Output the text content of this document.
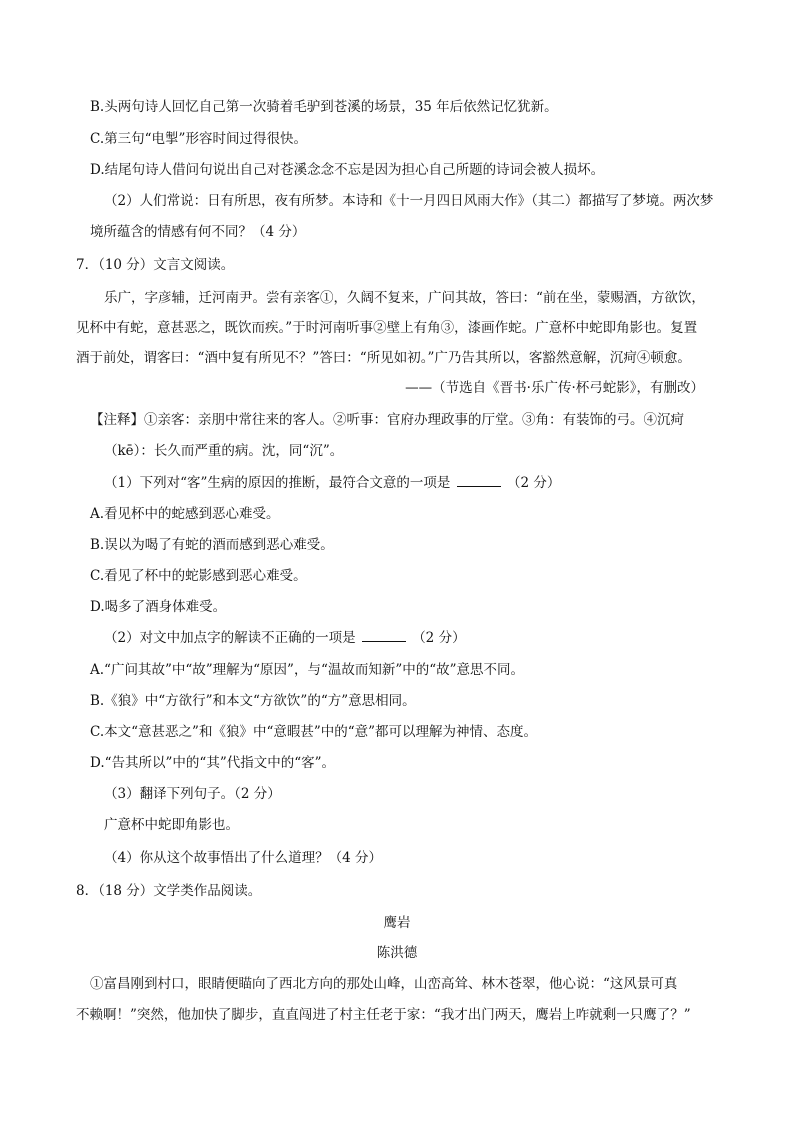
B.头两句诗人回忆自己第一次骑着毛驴到苍溪的场景，35 年后依然记忆犹新。
C.第三句“电掣”形容时间过得很快。
D.结尾句诗人借问句说出自己对苍溪念念不忘是因为担心自己所题的诗词会被人损坏。
（2）人们常说：日有所思，夜有所梦。本诗和《十一月四日风雨大作》（其二）都描写了梦境。两次梦
境所蕴含的情感有何不同？（4 分）
7．（10 分）文言文阅读。
乐广，字彦辅，迁河南尹。尝有亲客①，久阔不复来，广问其故，答曰：“前在坐，蒙赐酒，方欲饮，
见杯中有蛇，意甚恶之，既饮而疾。”于时河南听事②壁上有角③，漆画作蛇。广意杯中蛇即角影也。复置
酒于前处，谓客曰：“酒中复有所见不？”答曰：“所见如初。”广乃告其所以，客豁然意解，沉疴④顿愈。
——（节选自《晋书·乐广传·杯弓蛇影》，有删改）
【注释】①亲客：亲朋中常往来的客人。②听事：官府办理政事的厅堂。③角：有装饰的弓。④沉疴
（kē）：长久而严重的病。沈，同“沉”。
（1）下列对“客”生病的原因的推断，最符合文意的一项是	（2 分）
A.看见杯中的蛇感到恶心难受。
B.误以为喝了有蛇的酒而感到恶心难受。
C.看见了杯中的蛇影感到恶心难受。
D.喝多了酒身体难受。
（2）对文中加点字的解读不正确的一项是	（2 分）
A.“广问其故”中“故”理解为“原因”，与“温故而知新”中的“故”意思不同。
B.《狼》中“方欲行”和本文“方欲饮”的“方”意思相同。
C.本文“意甚恶之”和《狼》中“意暇甚”中的“意”都可以理解为神情、态度。
D.“告其所以”中的“其”代指文中的“客”。
（3）翻译下列句子。（2 分）
广意杯中蛇即角影也。
（4）你从这个故事悟出了什么道理？（4 分）
8．（18 分）文学类作品阅读。
鹰岩
陈洪德
①富昌刚到村口，眼睛便瞄向了西北方向的那处山峰，山峦高耸、林木苍翠，他心说：“这风景可真
不赖啊！”突然，他加快了脚步，直直闯进了村主任老于家：“我才出门两天，鹰岩上咋就剩一只鹰了？”
